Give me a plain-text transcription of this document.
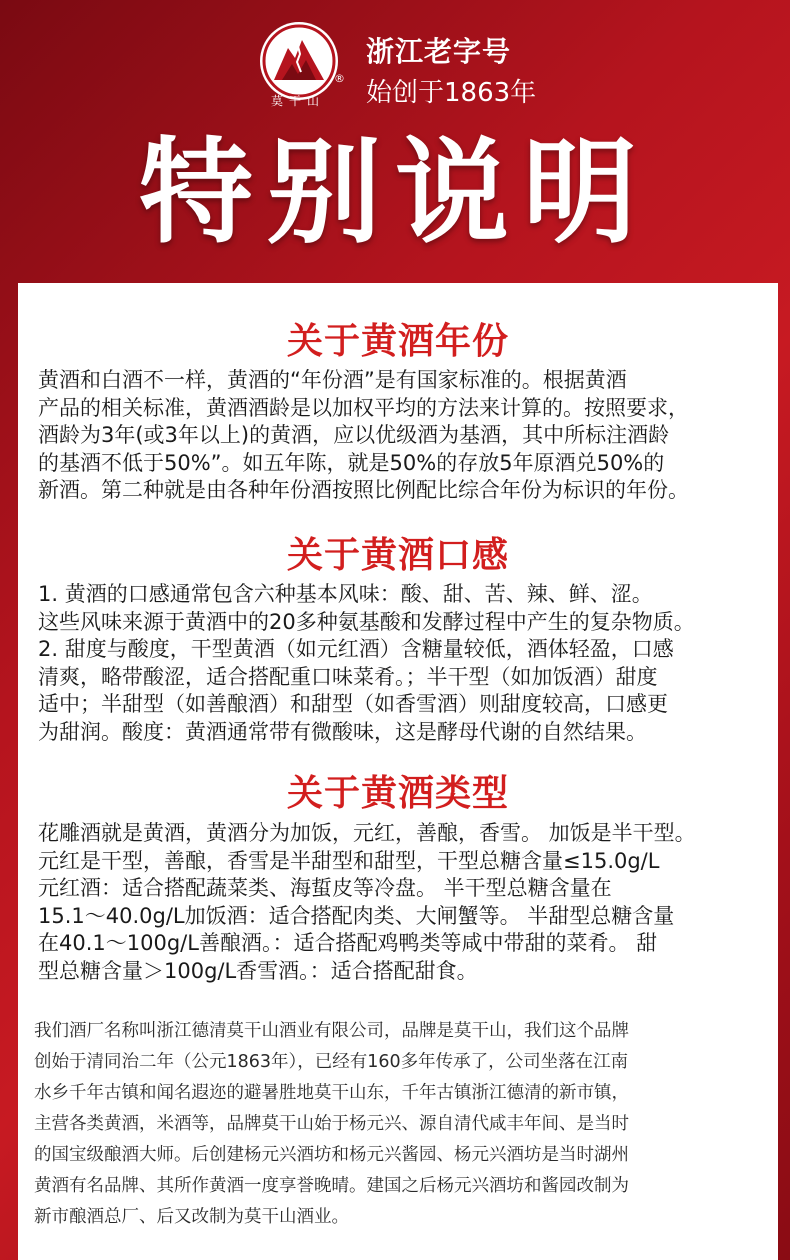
莫干山
®
浙江老字号
始创于1863年
特别说明
关于黄酒年份
黄酒和白酒不一样，黄酒的“年份酒”是有国家标准的。根据黄酒
产品的相关标准，黄酒酒龄是以加权平均的方法来计算的。按照要求，
酒龄为3年(或3年以上)的黄酒，应以优级酒为基酒，其中所标注酒龄
的基酒不低于50%”。如五年陈，就是50%的存放5年原酒兑50%的
新酒。第二种就是由各种年份酒按照比例配比综合年份为标识的年份。
关于黄酒口感
1. 黄酒的口感通常包含六种基本风味：酸、甜、苦、辣、鲜、涩。
这些风味来源于黄酒中的20多种氨基酸和发酵过程中产生的复杂物质。
2. 甜度与酸度，干型黄酒（如元红酒）含糖量较低，酒体轻盈，口感
清爽，略带酸涩，适合搭配重口味菜肴。；半干型（如加饭酒）甜度
适中；半甜型（如善酿酒）和甜型（如香雪酒）则甜度较高，口感更
为甜润。酸度：黄酒通常带有微酸味，这是酵母代谢的自然结果。
关于黄酒类型
花雕酒就是黄酒，黄酒分为加饭，元红，善酿，香雪。 加饭是半干型。
元红是干型，善酿，香雪是半甜型和甜型，干型总糖含量≤15.0g/L
元红酒：适合搭配蔬菜类、海蜇皮等冷盘。 半干型总糖含量在
15.1～40.0g/L加饭酒：适合搭配肉类、大闸蟹等。 半甜型总糖含量
在40.1～100g/L善酿酒。：适合搭配鸡鸭类等咸中带甜的菜肴。 甜
型总糖含量＞100g/L香雪酒。：适合搭配甜食。
我们酒厂名称叫浙江德清莫干山酒业有限公司，品牌是莫干山，我们这个品牌
创始于清同治二年（公元1863年），已经有160多年传承了，公司坐落在江南
水乡千年古镇和闻名遐迩的避暑胜地莫干山东，千年古镇浙江德清的新市镇，
主营各类黄酒，米酒等，品牌莫干山始于杨元兴、源自清代咸丰年间、是当时
的国宝级酿酒大师。后创建杨元兴酒坊和杨元兴酱园、杨元兴酒坊是当时湖州
黄酒有名品牌、其所作黄酒一度享誉晚晴。建国之后杨元兴酒坊和酱园改制为
新市酿酒总厂、后又改制为莫干山酒业。
